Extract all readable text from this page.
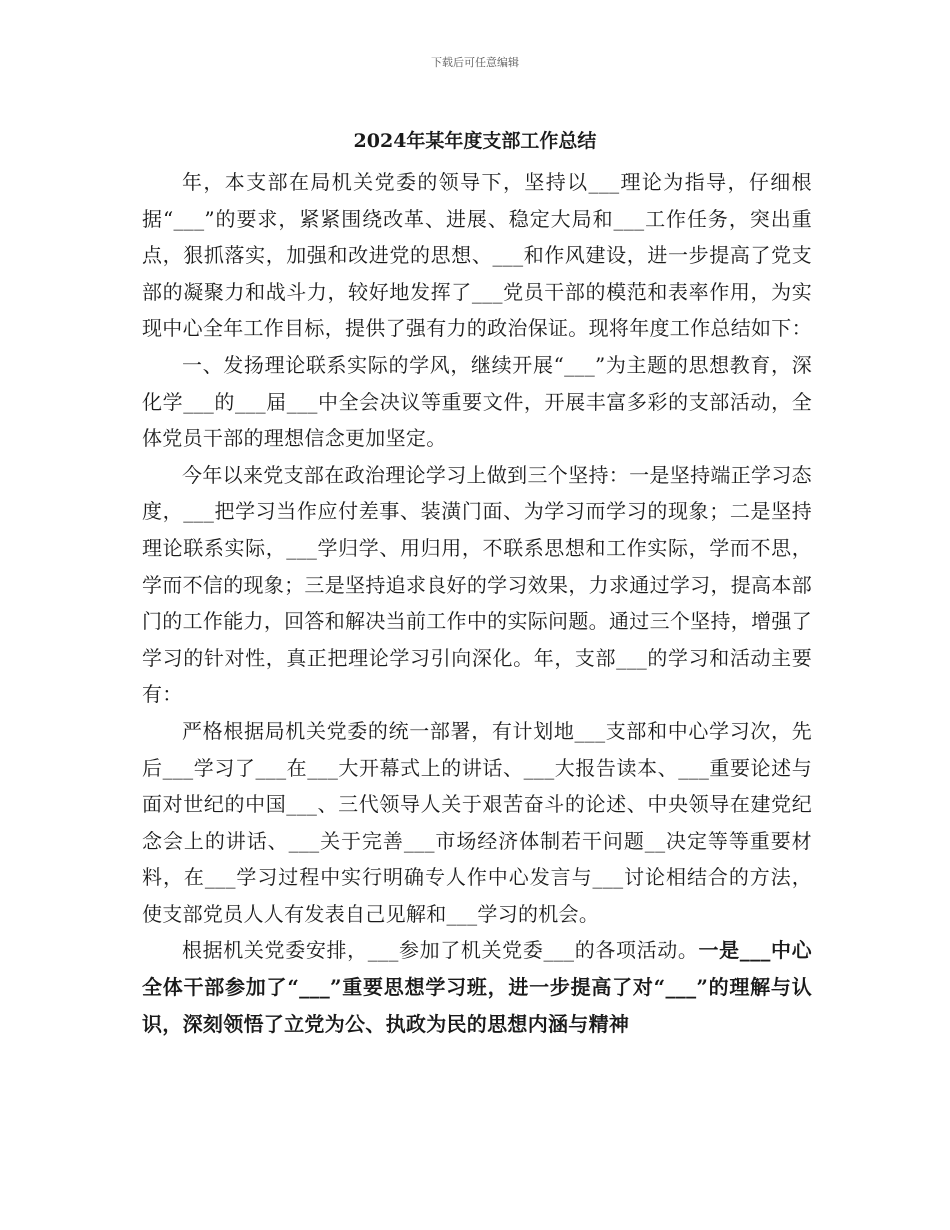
下载后可任意编辑
2024年某年度支部工作总结

年，本支部在局机关党委的领导下，坚持以___理论为指导，仔细根据“___”的要求，紧紧围绕改革、进展、稳定大局和___工作任务，突出重点，狠抓落实，加强和改进党的思想、___和作风建设，进一步提高了党支部的凝聚力和战斗力，较好地发挥了___党员干部的模范和表率作用，为实现中心全年工作目标，提供了强有力的政治保证。现将年度工作总结如下：

一、发扬理论联系实际的学风，继续开展“___”为主题的思想教育，深化学___的___届___中全会决议等重要文件，开展丰富多彩的支部活动，全体党员干部的理想信念更加坚定。

今年以来党支部在政治理论学习上做到三个坚持：一是坚持端正学习态度，___把学习当作应付差事、装潢门面、为学习而学习的现象；二是坚持理论联系实际，___学归学、用归用，不联系思想和工作实际，学而不思，学而不信的现象；三是坚持追求良好的学习效果，力求通过学习，提高本部门的工作能力，回答和解决当前工作中的实际问题。通过三个坚持，增强了学习的针对性，真正把理论学习引向深化。年，支部___的学习和活动主要有：

严格根据局机关党委的统一部署，有计划地___支部和中心学习次，先后___学习了___在___大开幕式上的讲话、___大报告读本、___重要论述与面对世纪的中国___、三代领导人关于艰苦奋斗的论述、中央领导在建党纪念会上的讲话、___关于完善___市场经济体制若干问题__决定等等重要材料，在___学习过程中实行明确专人作中心发言与___讨论相结合的方法，使支部党员人人有发表自己见解和___学习的机会。

根据机关党委安排，___参加了机关党委___的各项活动。一是___中心全体干部参加了“___”重要思想学习班，进一步提高了对“___”的理解与认识，深刻领悟了立党为公、执政为民的思想内涵与精神
